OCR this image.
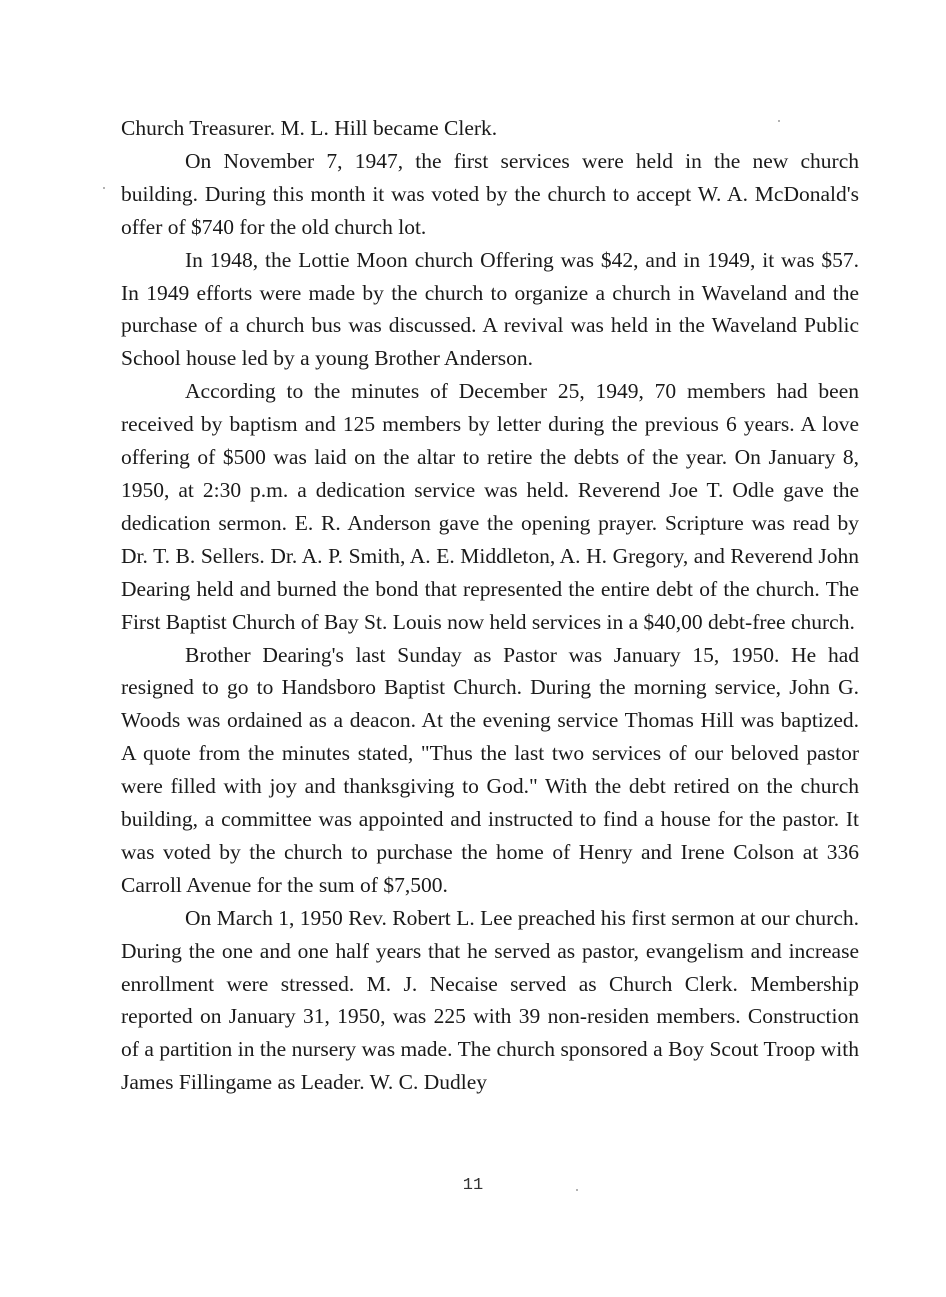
Church Treasurer. M. L. Hill became Clerk.

On November 7, 1947, the first services were held in the new church building. During this month it was voted by the church to accept W. A. McDonald's offer of $740 for the old church lot.

In 1948, the Lottie Moon church Offering was $42, and in 1949, it was $57. In 1949 efforts were made by the church to organize a church in Waveland and the purchase of a church bus was discussed. A revival was held in the Waveland Public School house led by a young Brother Anderson.

According to the minutes of December 25, 1949, 70 members had been received by baptism and 125 members by letter during the previous 6 years. A love offering of $500 was laid on the altar to retire the debts of the year. On January 8, 1950, at 2:30 p.m. a dedication service was held. Reverend Joe T. Odle gave the dedication sermon. E. R. Anderson gave the opening prayer. Scripture was read by Dr. T. B. Sellers. Dr. A. P. Smith, A. E. Middleton, A. H. Gregory, and Reverend John Dearing held and burned the bond that represented the entire debt of the church. The First Baptist Church of Bay St. Louis now held services in a $40,00 debt-free church.

Brother Dearing's last Sunday as Pastor was January 15, 1950. He had resigned to go to Handsboro Baptist Church. During the morning service, John G. Woods was ordained as a deacon. At the evening service Thomas Hill was baptized. A quote from the minutes stated, "Thus the last two services of our beloved pastor were filled with joy and thanksgiving to God." With the debt retired on the church building, a committee was appointed and instructed to find a house for the pastor. It was voted by the church to purchase the home of Henry and Irene Colson at 336 Carroll Avenue for the sum of $7,500.

On March 1, 1950 Rev. Robert L. Lee preached his first sermon at our church. During the one and one half years that he served as pastor, evangelism and increase enrollment were stressed. M. J. Necaise served as Church Clerk. Membership reported on January 31, 1950, was 225 with 39 non-residen members. Construction of a partition in the nursery was made. The church sponsored a Boy Scout Troop with James Fillingame as Leader. W. C. Dudley

11
